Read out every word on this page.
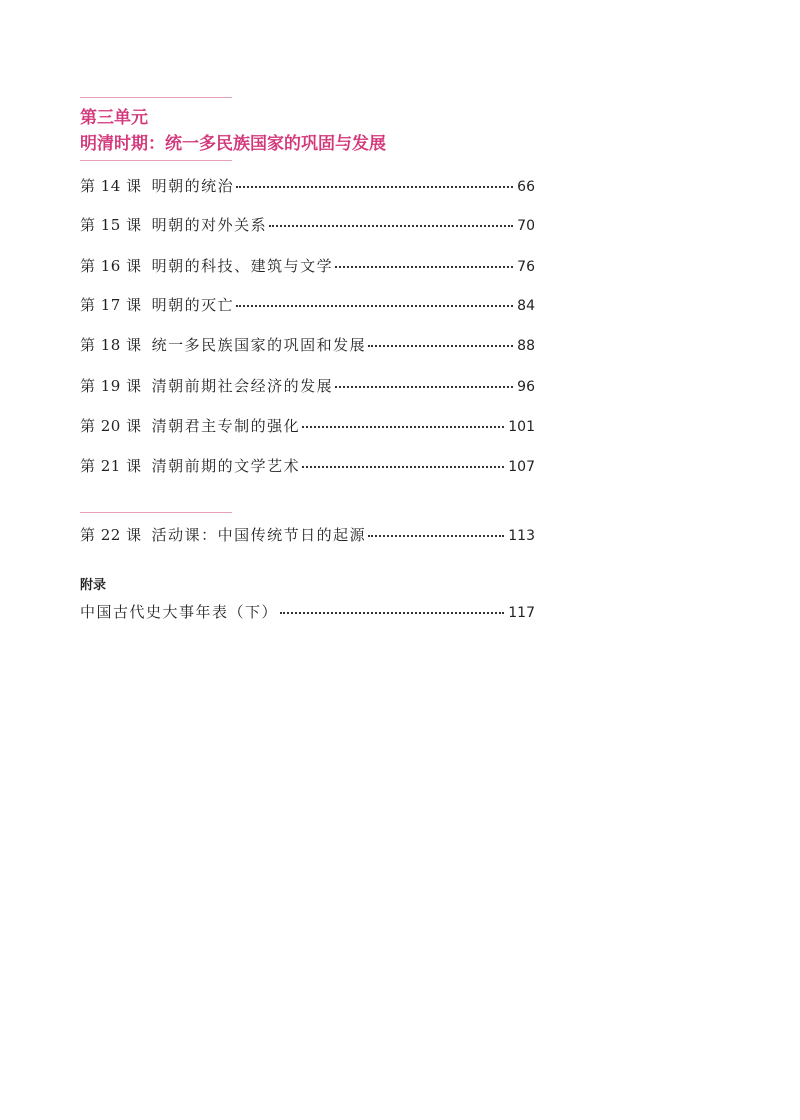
第三单元
明清时期：统一多民族国家的巩固与发展
第 14 课 明朝的统治	66
第 15 课 明朝的对外关系	70
第 16 课 明朝的科技、建筑与文学	76
第 17 课 明朝的灭亡	84
第 18 课 统一多民族国家的巩固和发展	88
第 19 课 清朝前期社会经济的发展	96
第 20 课 清朝君主专制的强化	101
第 21 课 清朝前期的文学艺术	107
第 22 课 活动课：中国传统节日的起源	113
附录
中国古代史大事年表（下）	117
